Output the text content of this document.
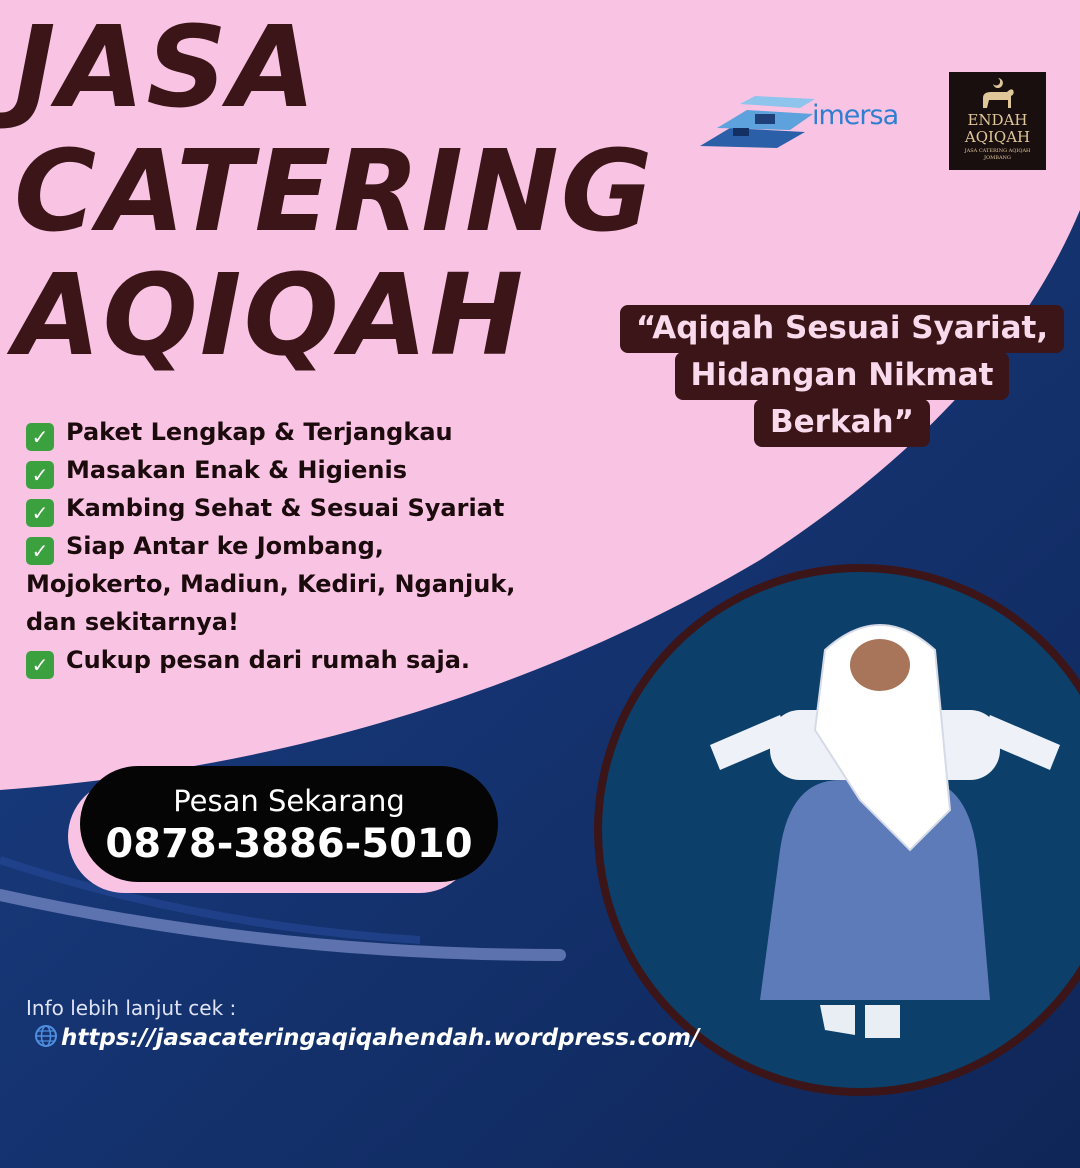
JASA
CATERING
AQIQAH
imersa	ENDAH
AQIQAH
JASA CATERING AQIQAH
JOMBANG
“Aqiqah Sesuai Syariat,
Hidangan Nikmat
Berkah”
✓ Paket Lengkap & Terjangkau
✓ Masakan Enak & Higienis
✓ Kambing Sehat & Sesuai Syariat
✓ Siap Antar ke Jombang,
Mojokerto, Madiun, Kediri, Nganjuk,
dan sekitarnya!
✓ Cukup pesan dari rumah saja.
Pesan Sekarang
0878-3886-5010
Info lebih lanjut cek :
https://jasacateringaqiqahendah.wordpress.com/
